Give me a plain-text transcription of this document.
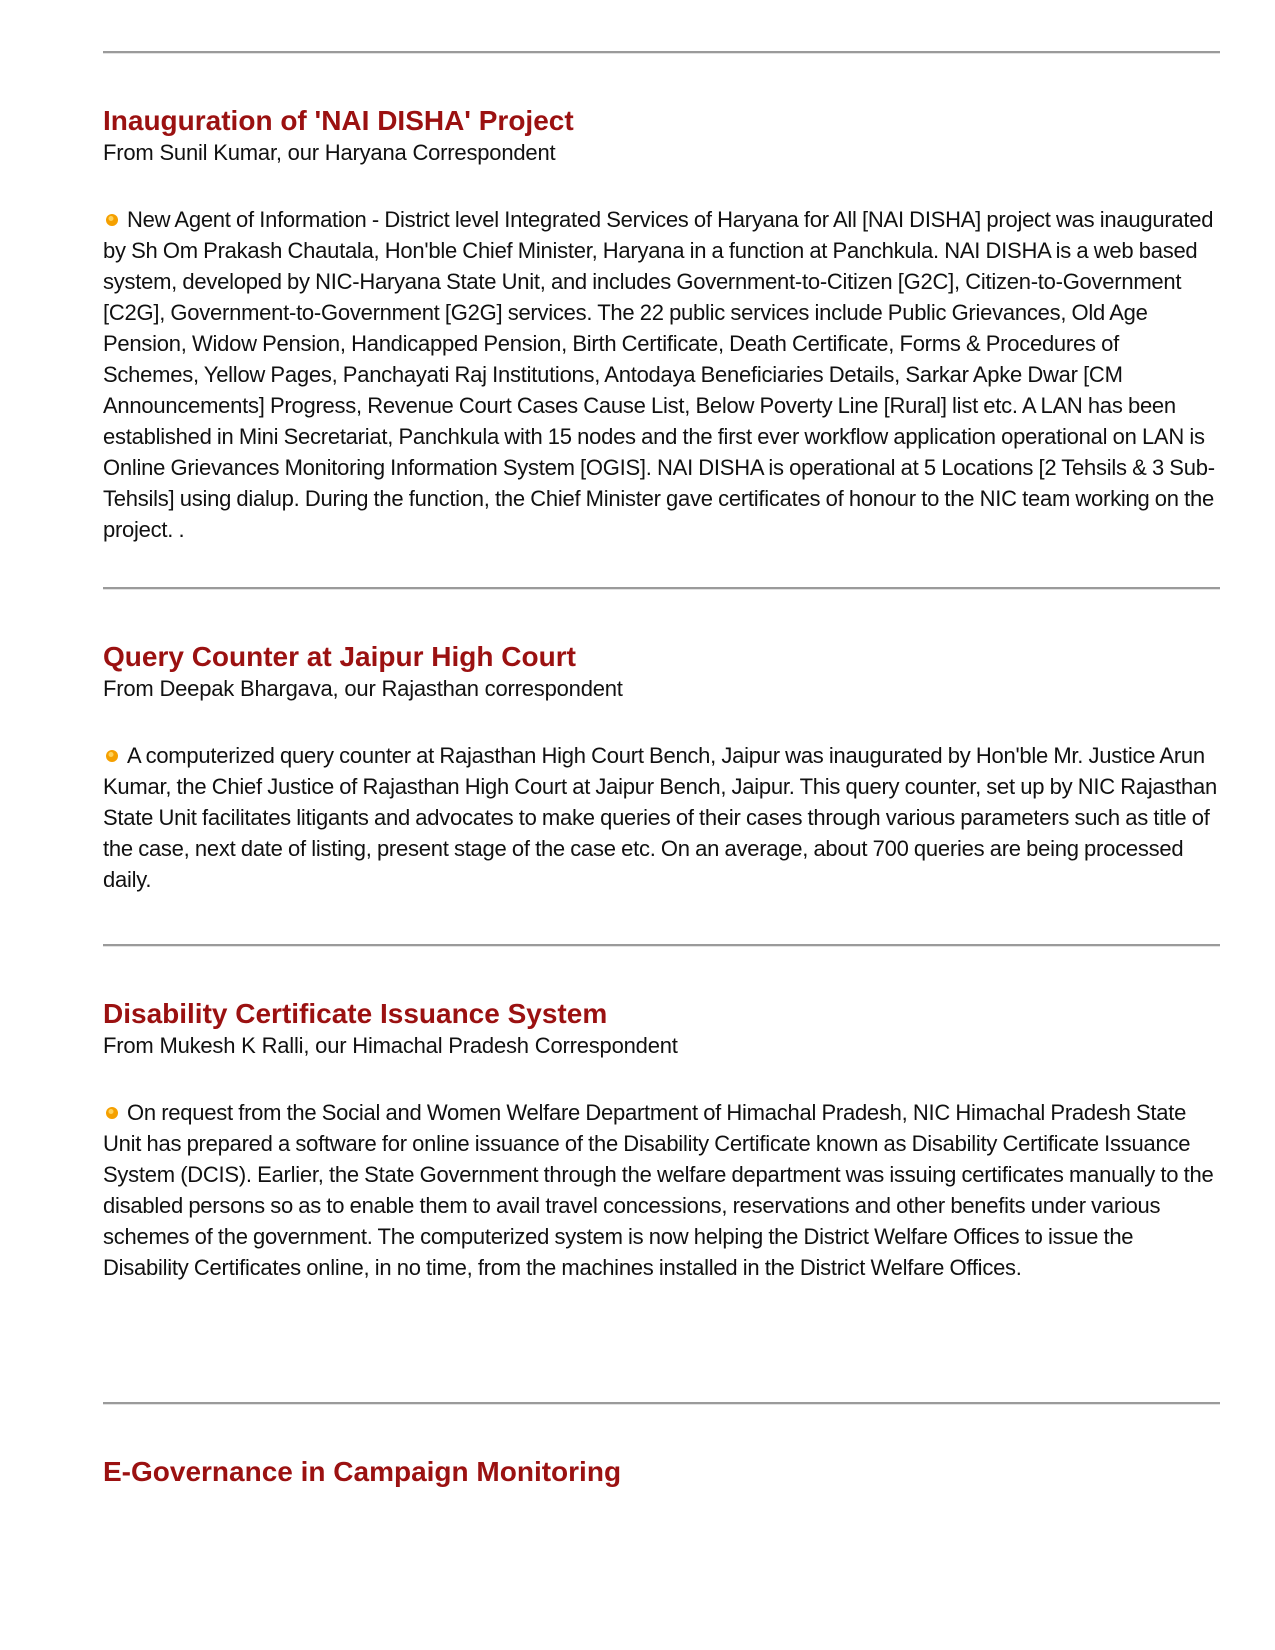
Inauguration of 'NAI DISHA' Project

From Sunil Kumar, our Haryana Correspondent

New Agent of Information - District level Integrated Services of Haryana for All [NAI DISHA] project was inaugurated by Sh Om Prakash Chautala, Hon'ble Chief Minister, Haryana in a function at Panchkula. NAI DISHA is a web based system, developed by NIC-Haryana State Unit, and includes Government-to-Citizen [G2C], Citizen-to-Government [C2G], Government-to-Government [G2G] services. The 22 public services include Public Grievances, Old Age Pension, Widow Pension, Handicapped Pension, Birth Certificate, Death Certificate, Forms & Procedures of Schemes, Yellow Pages, Panchayati Raj Institutions, Antodaya Beneficiaries Details, Sarkar Apke Dwar [CM Announcements] Progress, Revenue Court Cases Cause List, Below Poverty Line [Rural] list etc. A LAN has been established in Mini Secretariat, Panchkula with 15 nodes and the first ever workflow application operational on LAN is Online Grievances Monitoring Information System [OGIS]. NAI DISHA is operational at 5 Locations [2 Tehsils & 3 Sub-Tehsils] using dialup. During the function, the Chief Minister gave certificates of honour to the NIC team working on the project. .

Query Counter at Jaipur High Court

From Deepak Bhargava, our Rajasthan correspondent

A computerized query counter at Rajasthan High Court Bench, Jaipur was inaugurated by Hon'ble Mr. Justice Arun Kumar, the Chief Justice of Rajasthan High Court at Jaipur Bench, Jaipur. This query counter, set up by NIC Rajasthan State Unit facilitates litigants and advocates to make queries of their cases through various parameters such as title of the case, next date of listing, present stage of the case etc. On an average, about 700 queries are being processed daily.

Disability Certificate Issuance System

From Mukesh K Ralli, our Himachal Pradesh Correspondent

On request from the Social and Women Welfare Department of Himachal Pradesh, NIC Himachal Pradesh State Unit has prepared a software for online issuance of the Disability Certificate known as Disability Certificate Issuance System (DCIS). Earlier, the State Government through the welfare department was issuing certificates manually to the disabled persons so as to enable them to avail travel concessions, reservations and other benefits under various schemes of the government. The computerized system is now helping the District Welfare Offices to issue the Disability Certificates online, in no time, from the machines installed in the District Welfare Offices.

E-Governance in Campaign Monitoring
